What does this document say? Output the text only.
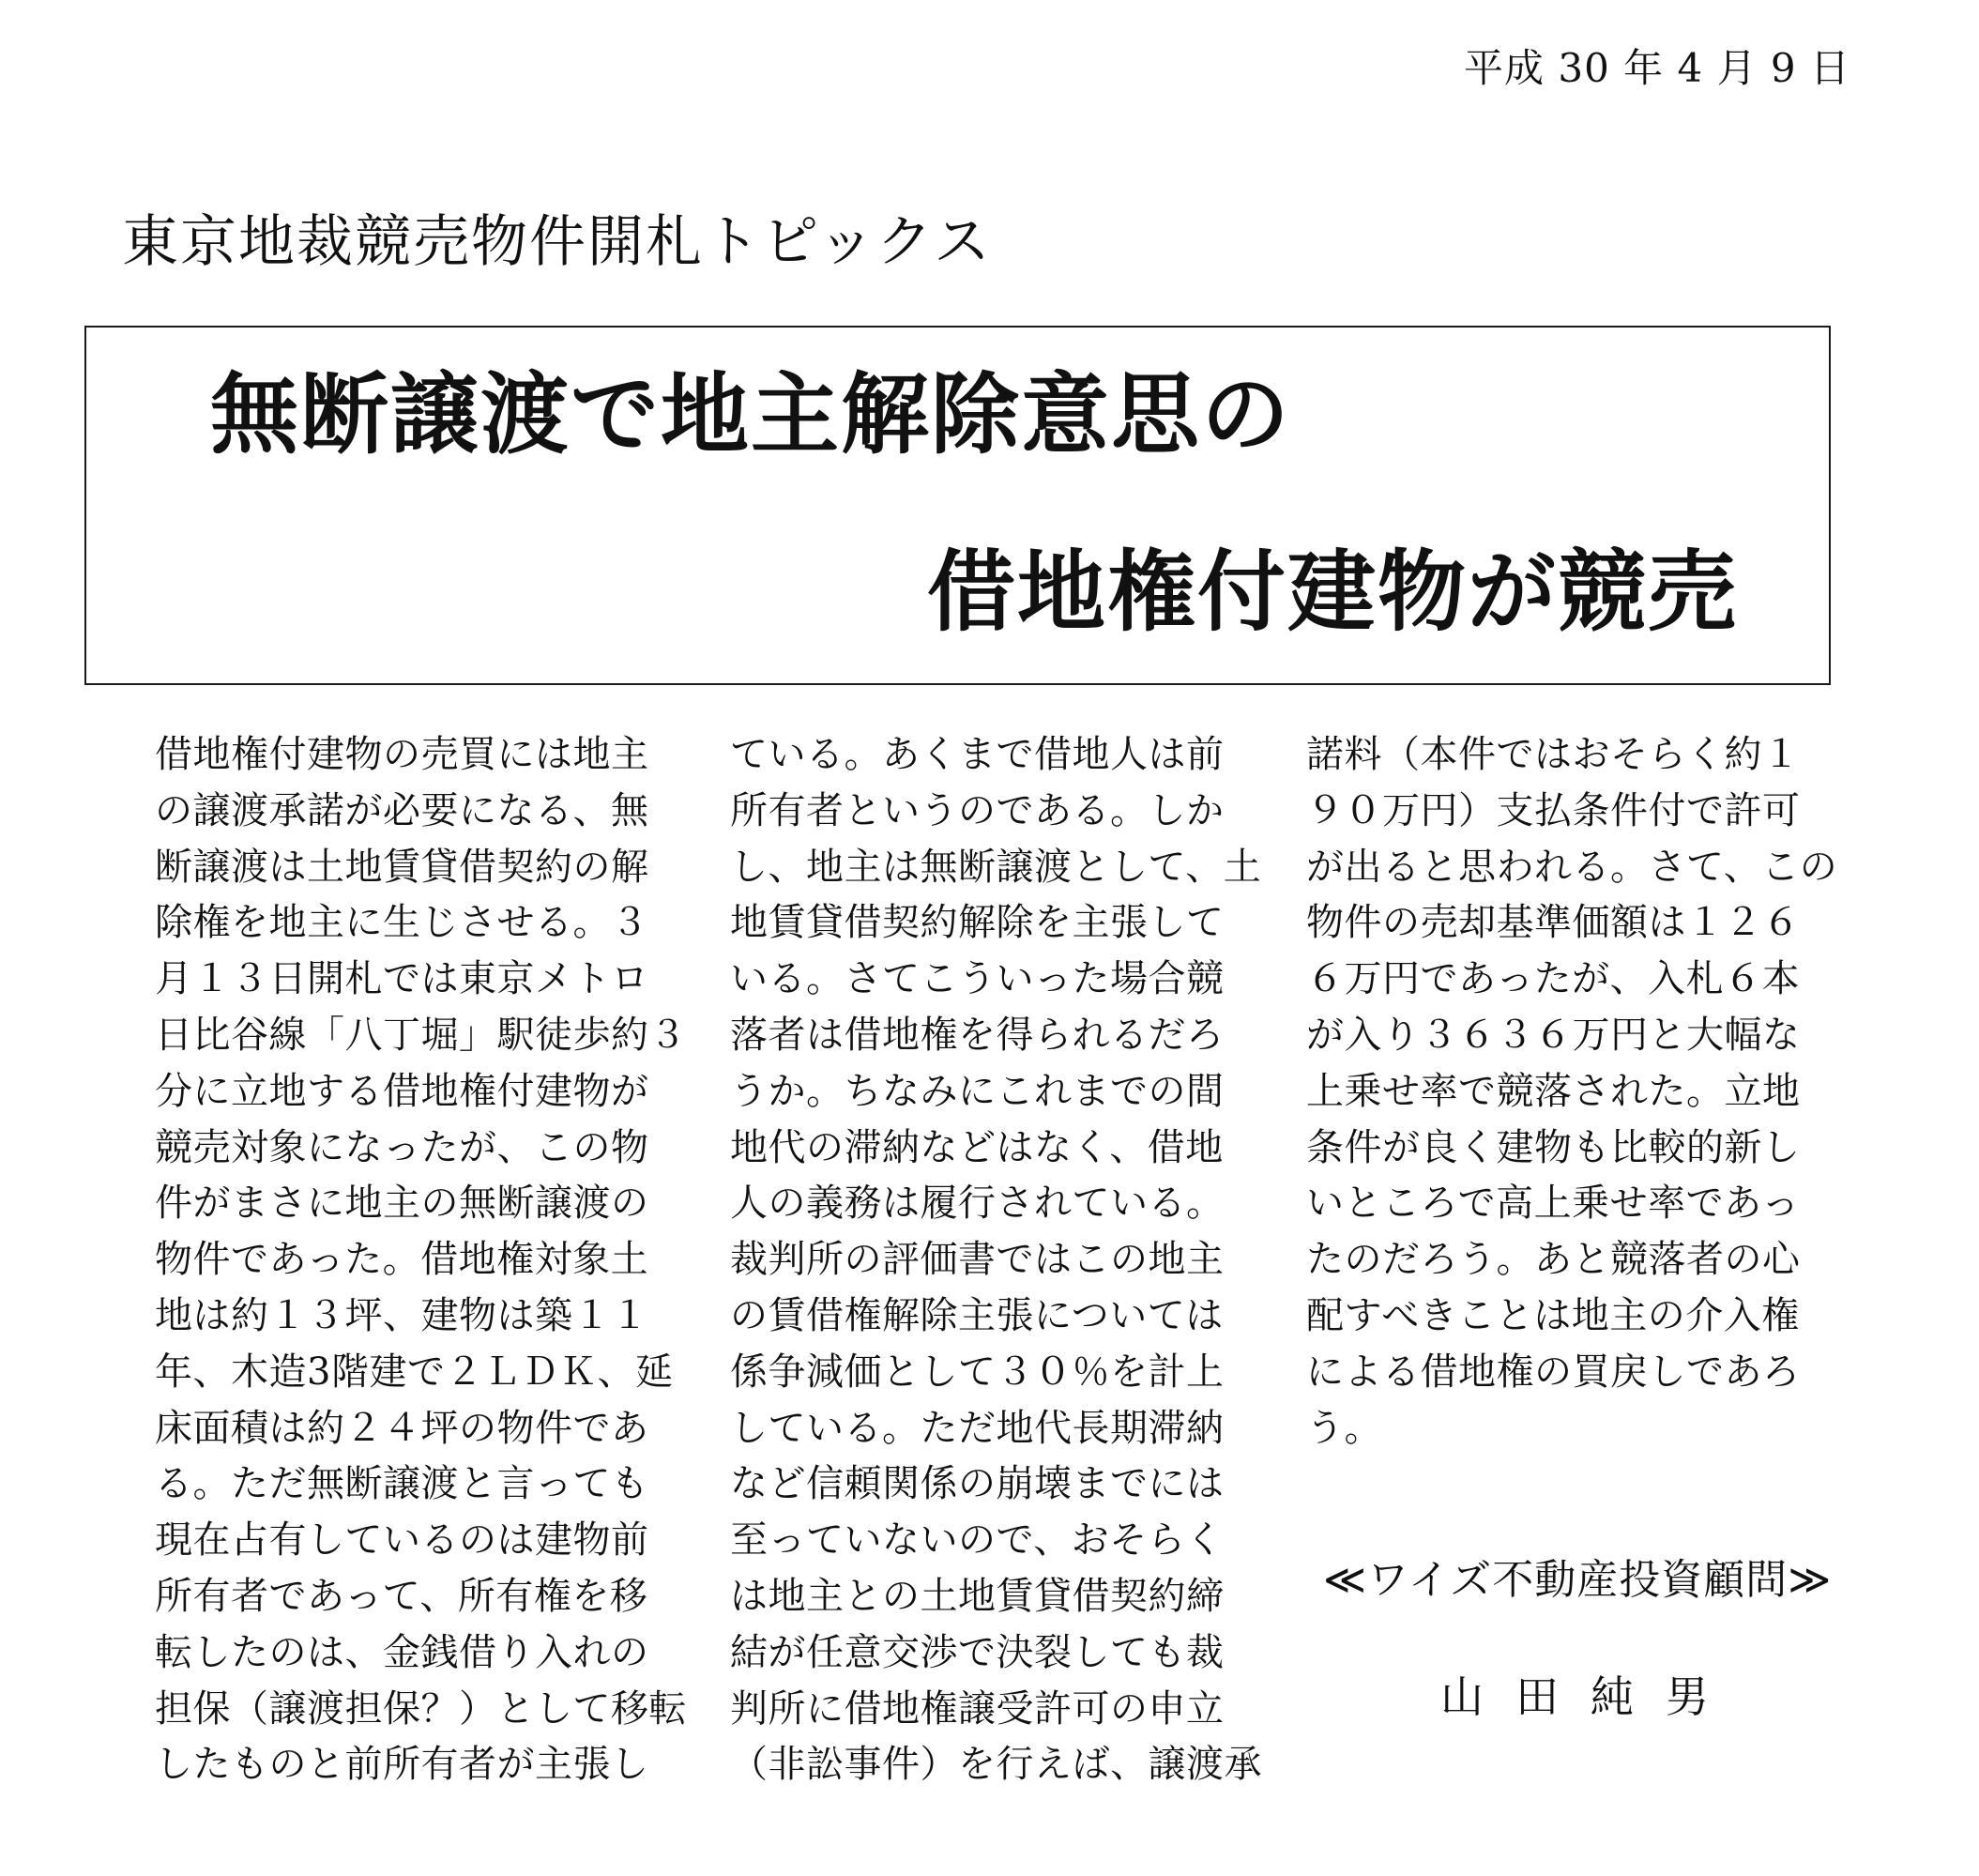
平成 30 年 4 月 9 日
東京地裁競売物件開札トピックス
無断譲渡で地主解除意思の
借地権付建物が競売
借地権付建物の売買には地主
の譲渡承諾が必要になる、無
断譲渡は土地賃貸借契約の解
除権を地主に生じさせる。３
月１３日開札では東京メトロ
日比谷線「八丁堀」駅徒歩約３
分に立地する借地権付建物が
競売対象になったが、この物
件がまさに地主の無断譲渡の
物件であった。借地権対象土
地は約１３坪、建物は築１１
年、木造3階建で２ＬＤＫ、延
床面積は約２４坪の物件であ
る。ただ無断譲渡と言っても
現在占有しているのは建物前
所有者であって、所有権を移
転したのは、金銭借り入れの
担保（譲渡担保？）として移転
したものと前所有者が主張し
ている。あくまで借地人は前
所有者というのである。しか
し、地主は無断譲渡として、土
地賃貸借契約解除を主張して
いる。さてこういった場合競
落者は借地権を得られるだろ
うか。ちなみにこれまでの間
地代の滞納などはなく、借地
人の義務は履行されている。
裁判所の評価書ではこの地主
の賃借権解除主張については
係争減価として３０％を計上
している。ただ地代長期滞納
など信頼関係の崩壊までには
至っていないので、おそらく
は地主との土地賃貸借契約締
結が任意交渉で決裂しても裁
判所に借地権譲受許可の申立
（非訟事件）を行えば、譲渡承
諾料（本件ではおそらく約１
９０万円）支払条件付で許可
が出ると思われる。さて、この
物件の売却基準価額は１２６
６万円であったが、入札６本
が入り３６３６万円と大幅な
上乗せ率で競落された。立地
条件が良く建物も比較的新し
いところで高上乗せ率であっ
たのだろう。あと競落者の心
配すべきことは地主の介入権
による借地権の買戻しであろ
う。
≪ワイズ不動産投資顧問≫
山田純男
